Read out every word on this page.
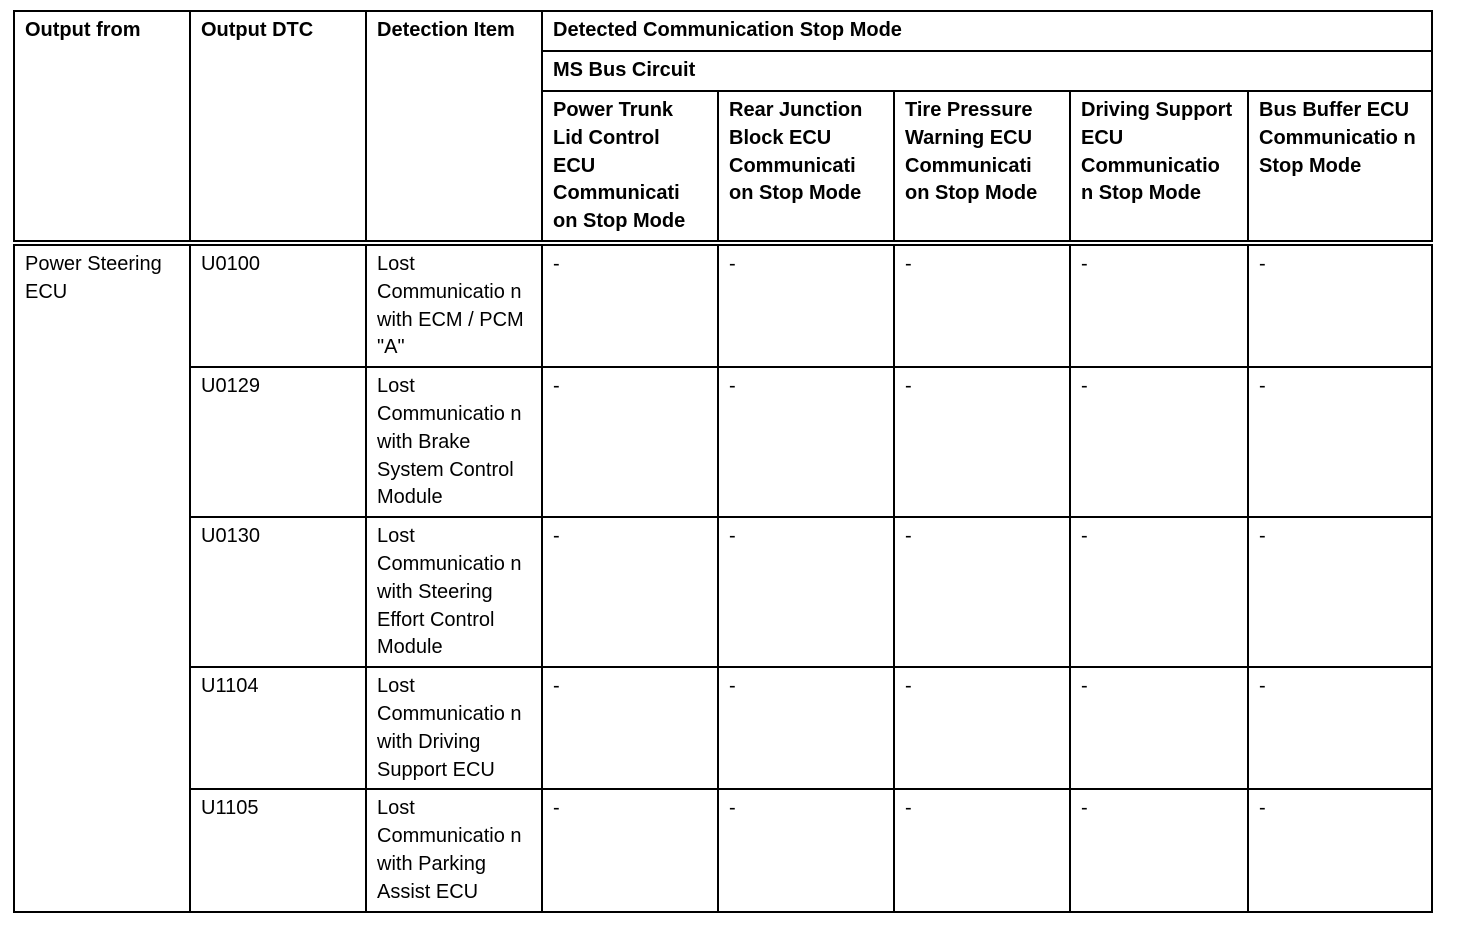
Output from	Output DTC	Detection Item	Detected Communication Stop Mode				
			MS Bus Circuit				
			Power Trunk Lid Control ECU Communicati on Stop Mode	Rear Junction Block ECU Communicati on Stop Mode	Tire Pressure Warning ECU Communicati on Stop Mode	Driving Support ECU Communicatio n Stop Mode	Bus Buffer ECU Communicatio n Stop Mode
Power Steering ECU	U0100	Lost Communicatio n with ECM / PCM "A"	-	-	-	-	-
	U0129	Lost Communicatio n with Brake System Control Module	-	-	-	-	-
	U0130	Lost Communicatio n with Steering Effort Control Module	-	-	-	-	-
	U1104	Lost Communicatio n with Driving Support ECU	-	-	-	-	-
	U1105	Lost Communicatio n with Parking Assist ECU	-	-	-	-	-
